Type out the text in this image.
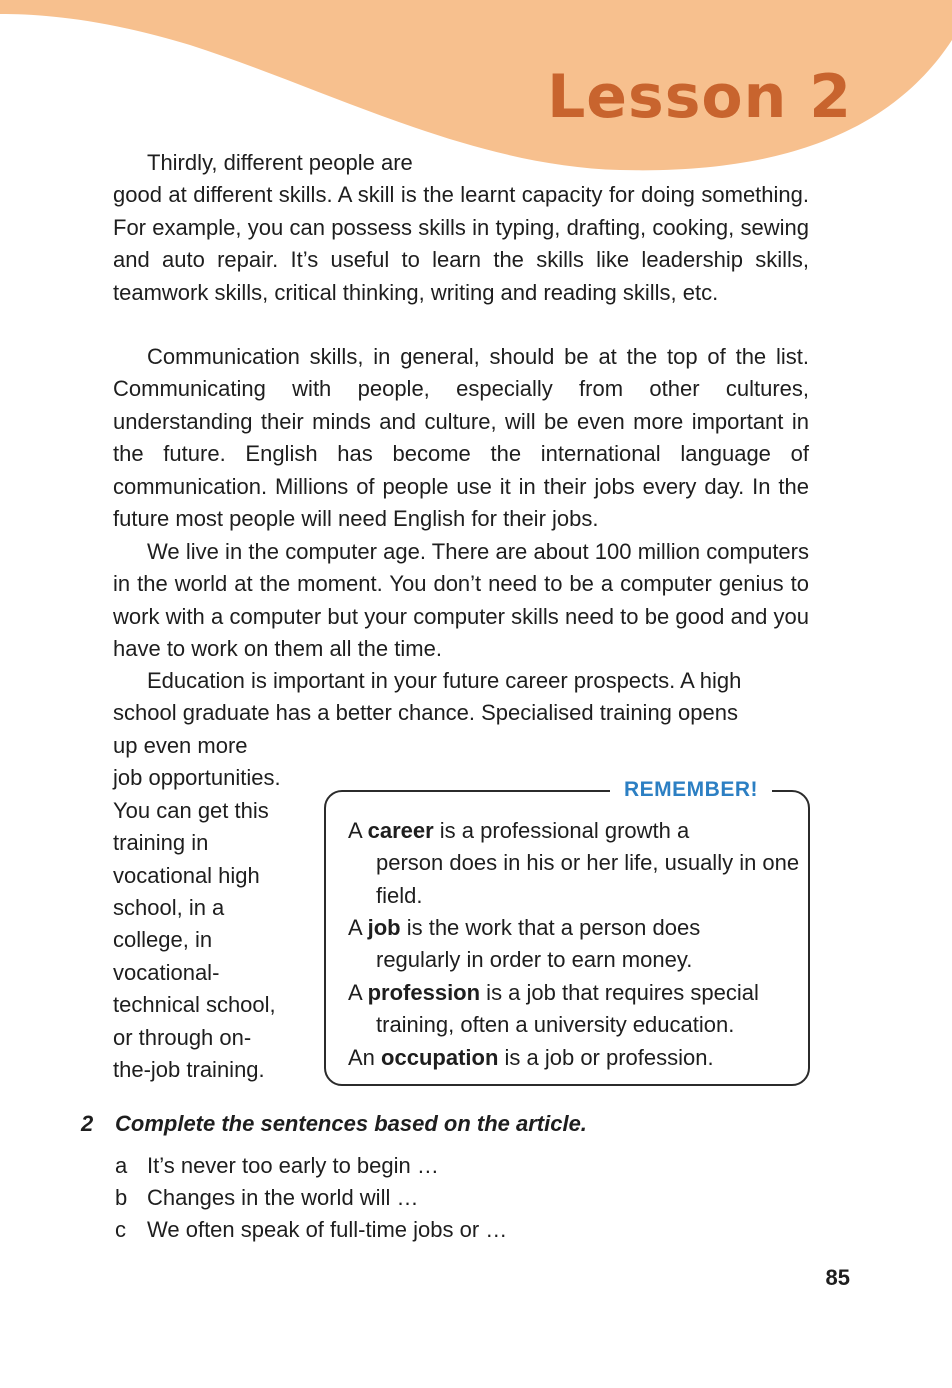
Lesson 2

Thirdly, different people are
good at different skills. A skill is the learnt capacity for doing something. For example, you can possess skills in typing, drafting, cooking, sewing and auto repair. It’s useful to learn the skills like leadership skills, teamwork skills, critical thinking, writing and reading skills, etc.

Communication skills, in general, should be at the top of the list. Communicating with people, especially from other cultures, understanding their minds and culture, will be even more important in the future. English has become the international language of communication. Millions of people use it in their jobs every day. In the future most people will need English for their jobs.

We live in the computer age. There are about 100 million computers in the world at the moment. You don’t need to be a computer genius to work with a computer but your computer skills need to be good and you have to work on them all the time.

Education is important in your future career prospects. A high school graduate has a better chance. Specialised training opens

up even more
job opportunities.
You can get this
training in
vocational high
school, in a
college, in
vocational-
technical school,
or through on-
the-job training.
REMEMBER!

A career is a professional growth a
person does in his or her life, usually in one field.

A job is the work that a person does
regularly in order to earn money.

A profession is a job that requires special
training, often a university education.

An occupation is a job or profession.

2 Complete the sentences based on the article.
a It’s never too early to begin …
b Changes in the world will …
c We often speak of full-time jobs or …
85
